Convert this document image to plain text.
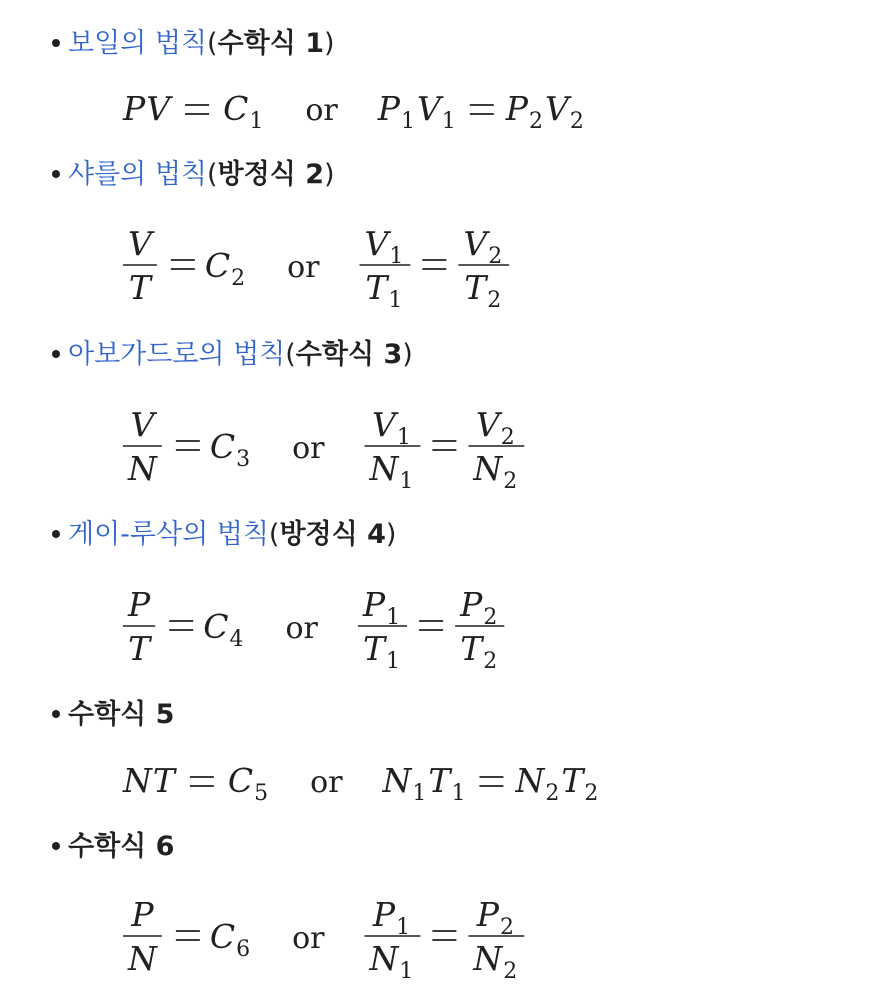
보일의 법칙(수학식 1)
P V C 1 or P 1 V 1 P 2 V 2
샤를의 법칙(방정식 2)
V
T
C 2 or
V 1
T 1
V 2
T 2
아보가드로의 법칙(수학식 3)
V
N
C 3 or
V 1
N 1
V 2
N 2
게이-루삭의 법칙(방정식 4)
P
T
C 4 or
P 1
T 1
P 2
T 2
수학식 5
N T C 5 or N 1 T 1 N 2 T 2
수학식 6
P
N
C 6 or
P 1
N 1
P 2
N 2
